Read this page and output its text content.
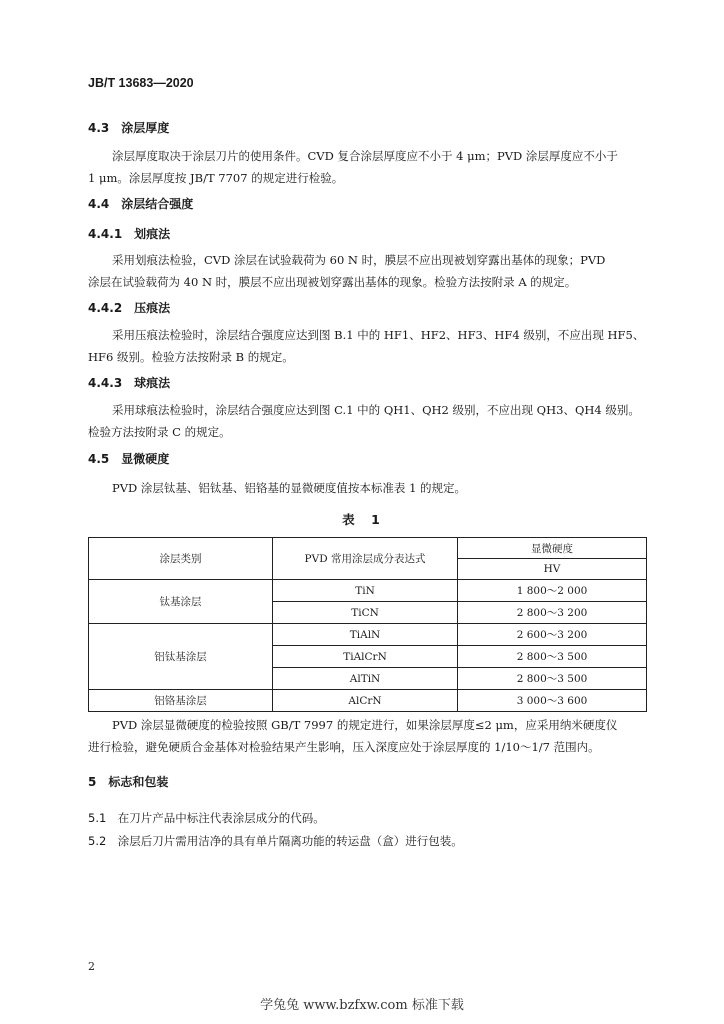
JB/T 13683—2020
4.3　涂层厚度
涂层厚度取决于涂层刀片的使用条件。CVD 复合涂层厚度应不小于 4 μm；PVD 涂层厚度应不小于
1 μm。涂层厚度按 JB/T 7707 的规定进行检验。
4.4　涂层结合强度
4.4.1　划痕法
采用划痕法检验，CVD 涂层在试验载荷为 60 N 时，膜层不应出现被划穿露出基体的现象；PVD
涂层在试验载荷为 40 N 时，膜层不应出现被划穿露出基体的现象。检验方法按附录 A 的规定。
4.4.2　压痕法
采用压痕法检验时，涂层结合强度应达到图 B.1 中的 HF1、HF2、HF3、HF4 级别，不应出现 HF5、
HF6 级别。检验方法按附录 B 的规定。
4.4.3　球痕法
采用球痕法检验时，涂层结合强度应达到图 C.1 中的 QH1、QH2 级别，不应出现 QH3、QH4 级别。
检验方法按附录 C 的规定。
4.5　显微硬度
PVD 涂层钛基、铝钛基、铝铬基的显微硬度值按本标准表 1 的规定。
表　1
涂层类别	PVD 常用涂层成分表达式	显微硬度
		HV
钛基涂层	TiN	1 800～2 000
	TiCN	2 800～3 200
铝钛基涂层	TiAlN	2 600～3 200
	TiAlCrN	2 800～3 500
	AlTiN	2 800～3 500
铝铬基涂层	AlCrN	3 000～3 600
PVD 涂层显微硬度的检验按照 GB/T 7997 的规定进行，如果涂层厚度≤2 μm，应采用纳米硬度仪
进行检验，避免硬质合金基体对检验结果产生影响，压入深度应处于涂层厚度的 1/10～1/7 范围内。
5　标志和包装
5.1　在刀片产品中标注代表涂层成分的代码。
5.2　涂层后刀片需用洁净的具有单片隔离功能的转运盘（盒）进行包装。
2
学兔兔 www.bzfxw.com 标准下载
